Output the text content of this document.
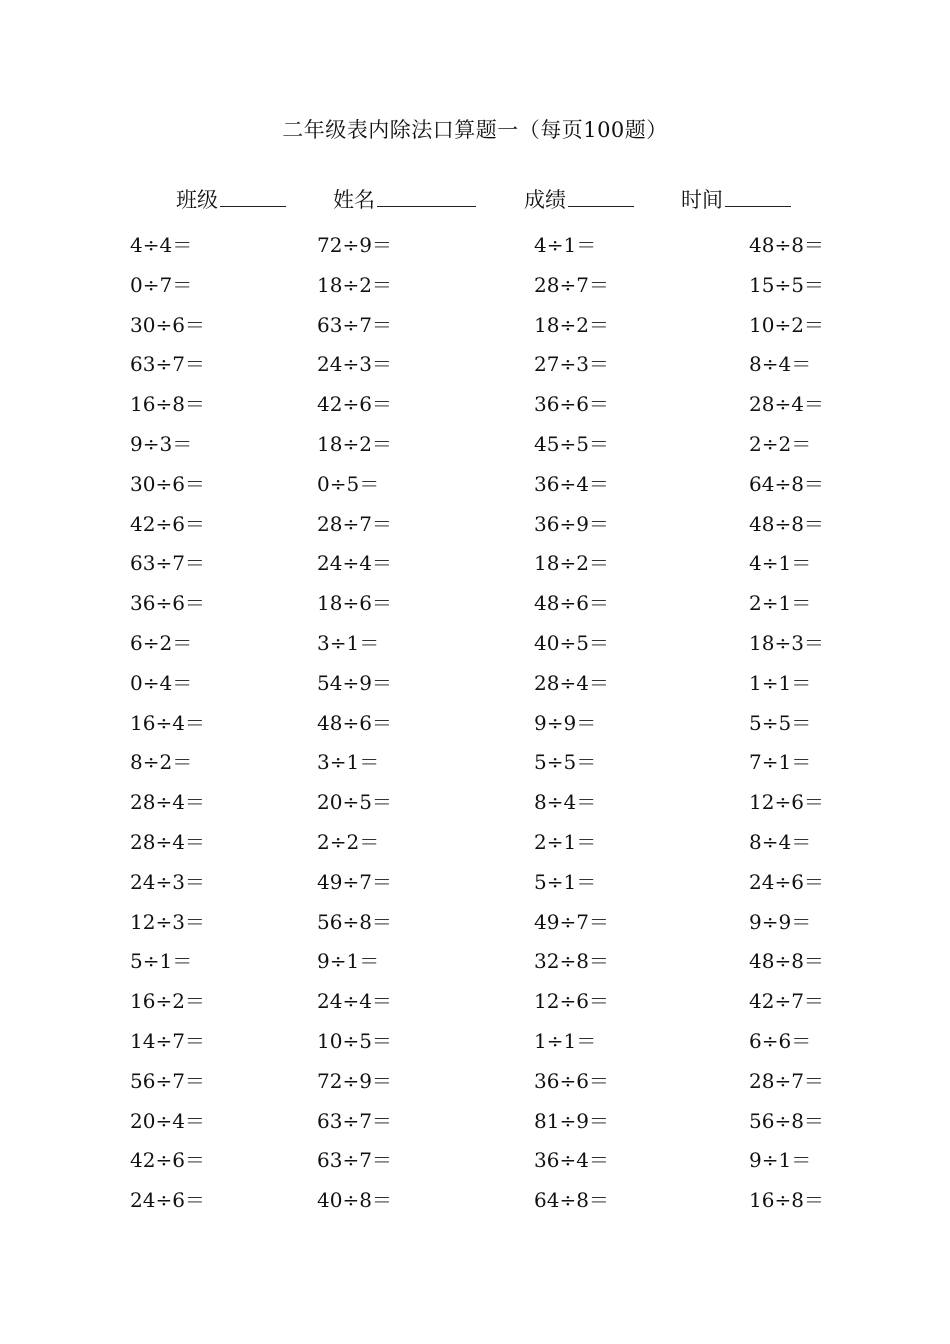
二年级表内除法口算题一（每页100题）
班级	姓名	成绩	时间
4÷4＝	72÷9＝	4÷1＝	48÷8＝
0÷7＝	18÷2＝	28÷7＝	15÷5＝
30÷6＝	63÷7＝	18÷2＝	10÷2＝
63÷7＝	24÷3＝	27÷3＝	8÷4＝
16÷8＝	42÷6＝	36÷6＝	28÷4＝
9÷3＝	18÷2＝	45÷5＝	2÷2＝
30÷6＝	0÷5＝	36÷4＝	64÷8＝
42÷6＝	28÷7＝	36÷9＝	48÷8＝
63÷7＝	24÷4＝	18÷2＝	4÷1＝
36÷6＝	18÷6＝	48÷6＝	2÷1＝
6÷2＝	3÷1＝	40÷5＝	18÷3＝
0÷4＝	54÷9＝	28÷4＝	1÷1＝
16÷4＝	48÷6＝	9÷9＝	5÷5＝
8÷2＝	3÷1＝	5÷5＝	7÷1＝
28÷4＝	20÷5＝	8÷4＝	12÷6＝
28÷4＝	2÷2＝	2÷1＝	8÷4＝
24÷3＝	49÷7＝	5÷1＝	24÷6＝
12÷3＝	56÷8＝	49÷7＝	9÷9＝
5÷1＝	9÷1＝	32÷8＝	48÷8＝
16÷2＝	24÷4＝	12÷6＝	42÷7＝
14÷7＝	10÷5＝	1÷1＝	6÷6＝
56÷7＝	72÷9＝	36÷6＝	28÷7＝
20÷4＝	63÷7＝	81÷9＝	56÷8＝
42÷6＝	63÷7＝	36÷4＝	9÷1＝
24÷6＝	40÷8＝	64÷8＝	16÷8＝
